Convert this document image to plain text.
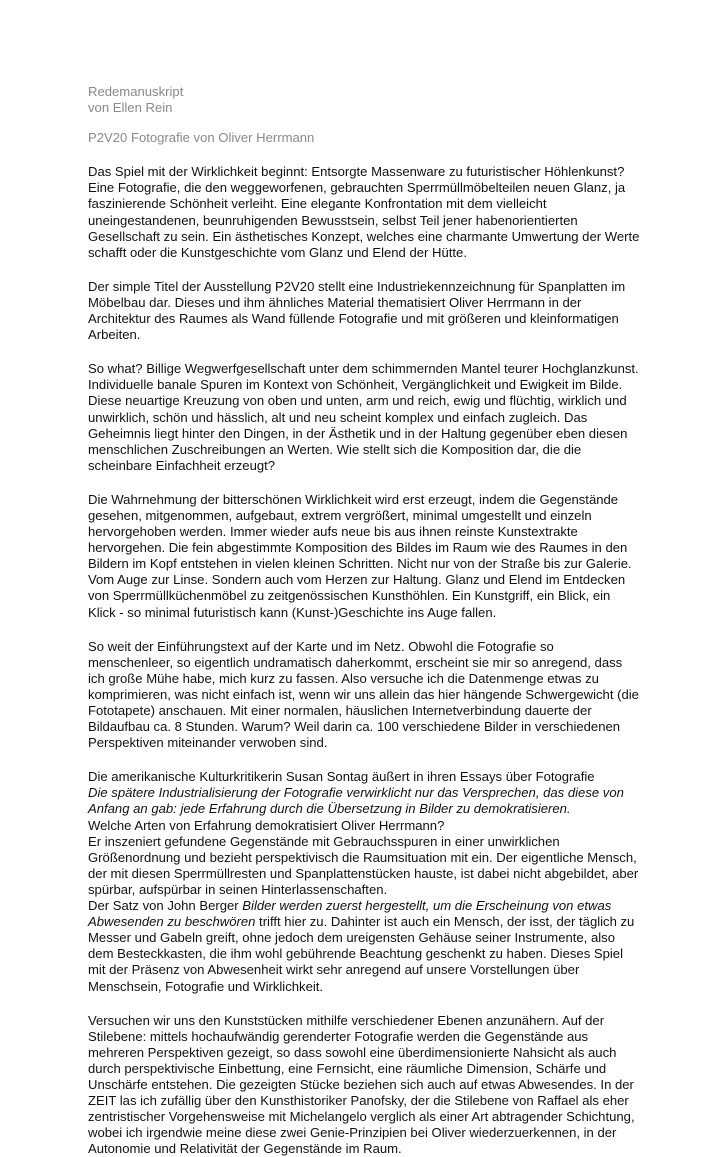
Redemanuskript

von Ellen Rein

P2V20 Fotografie von Oliver Herrmann

Das Spiel mit der Wirklichkeit beginnt: Entsorgte Massenware zu futuristischer Höhlenkunst? Eine Fotografie, die den weggeworfenen, gebrauchten Sperrmüllmöbelteilen neuen Glanz, ja faszinierende Schönheit verleiht. Eine elegante Konfrontation mit dem vielleicht uneingestandenen, beunruhigenden Bewusstsein, selbst Teil jener habenorientierten Gesellschaft zu sein. Ein ästhetisches Konzept, welches eine charmante Umwertung der Werte schafft oder die Kunstgeschichte vom Glanz und Elend der Hütte.

Der simple Titel der Ausstellung P2V20 stellt eine Industriekennzeichnung für Spanplatten im Möbelbau dar. Dieses und ihm ähnliches Material thematisiert Oliver Herrmann in der Architektur des Raumes als Wand füllende Fotografie und mit größeren und kleinformatigen Arbeiten.

So what? Billige Wegwerfgesellschaft unter dem schimmernden Mantel teurer Hochglanzkunst. Individuelle banale Spuren im Kontext von Schönheit, Vergänglichkeit und Ewigkeit im Bilde. Diese neuartige Kreuzung von oben und unten, arm und reich, ewig und flüchtig, wirklich und unwirklich, schön und hässlich, alt und neu scheint komplex und einfach zugleich. Das Geheimnis liegt hinter den Dingen, in der Ästhetik und in der Haltung gegenüber eben diesen menschlichen Zuschreibungen an Werten. Wie stellt sich die Komposition dar, die die scheinbare Einfachheit erzeugt?

Die Wahrnehmung der bitterschönen Wirklichkeit wird erst erzeugt, indem die Gegenstände gesehen, mitgenommen, aufgebaut, extrem vergrößert, minimal umgestellt und einzeln hervorgehoben werden. Immer wieder aufs neue bis aus ihnen reinste Kunstextrakte hervorgehen. Die fein abgestimmte Komposition des Bildes im Raum wie des Raumes in den Bildern im Kopf entstehen in vielen kleinen Schritten. Nicht nur von der Straße bis zur Galerie. Vom Auge zur Linse. Sondern auch vom Herzen zur Haltung. Glanz und Elend im Entdecken von Sperrmüllküchenmöbel zu zeitgenössischen Kunsthöhlen. Ein Kunstgriff, ein Blick, ein Klick - so minimal futuristisch kann (Kunst-)Geschichte ins Auge fallen.

So weit der Einführungstext auf der Karte und im Netz. Obwohl die Fotografie so menschenleer, so eigentlich undramatisch daherkommt, erscheint sie mir so anregend, dass ich große Mühe habe, mich kurz zu fassen. Also versuche ich die Datenmenge etwas zu komprimieren, was nicht einfach ist, wenn wir uns allein das hier hängende Schwergewicht (die Fototapete) anschauen. Mit einer normalen, häuslichen Internetverbindung dauerte der Bildaufbau ca. 8 Stunden. Warum? Weil darin ca. 100 verschiedene Bilder in verschiedenen Perspektiven miteinander verwoben sind.

Die amerikanische Kulturkritikerin Susan Sontag äußert in ihren Essays über Fotografie

Die spätere Industrialisierung der Fotografie verwirklicht nur das Versprechen, das diese von Anfang an gab: jede Erfahrung durch die Übersetzung in Bilder zu demokratisieren.

Welche Arten von Erfahrung demokratisiert Oliver Herrmann?

Er inszeniert gefundene Gegenstände mit Gebrauchsspuren in einer unwirklichen Größenordnung und bezieht perspektivisch die Raumsituation mit ein. Der eigentliche Mensch, der mit diesen Sperrmüllresten und Spanplattenstücken hauste, ist dabei nicht abgebildet, aber spürbar, aufspürbar in seinen Hinterlassenschaften.

Der Satz von John Berger Bilder werden zuerst hergestellt, um die Erscheinung von etwas Abwesenden zu beschwören trifft hier zu. Dahinter ist auch ein Mensch, der isst, der täglich zu Messer und Gabeln greift, ohne jedoch dem ureigensten Gehäuse seiner Instrumente, also dem Besteckkasten, die ihm wohl gebührende Beachtung geschenkt zu haben. Dieses Spiel mit der Präsenz von Abwesenheit wirkt sehr anregend auf unsere Vorstellungen über Menschsein, Fotografie und Wirklichkeit.

Versuchen wir uns den Kunststücken mithilfe verschiedener Ebenen anzunähern. Auf der Stilebene: mittels hochaufwändig gerenderter Fotografie werden die Gegenstände aus mehreren Perspektiven gezeigt, so dass sowohl eine überdimensionierte Nahsicht als auch durch perspektivische Einbettung, eine Fernsicht, eine räumliche Dimension, Schärfe und Unschärfe entstehen. Die gezeigten Stücke beziehen sich auch auf etwas Abwesendes. In der ZEIT las ich zufällig über den Kunsthistoriker Panofsky, der die Stilebene von Raffael als eher zentristischer Vorgehensweise mit Michelangelo verglich als einer Art abtragender Schichtung, wobei ich irgendwie meine diese zwei Genie-Prinzipien bei Oliver wiederzuerkennen, in der Autonomie und Relativität der Gegenstände im Raum.
